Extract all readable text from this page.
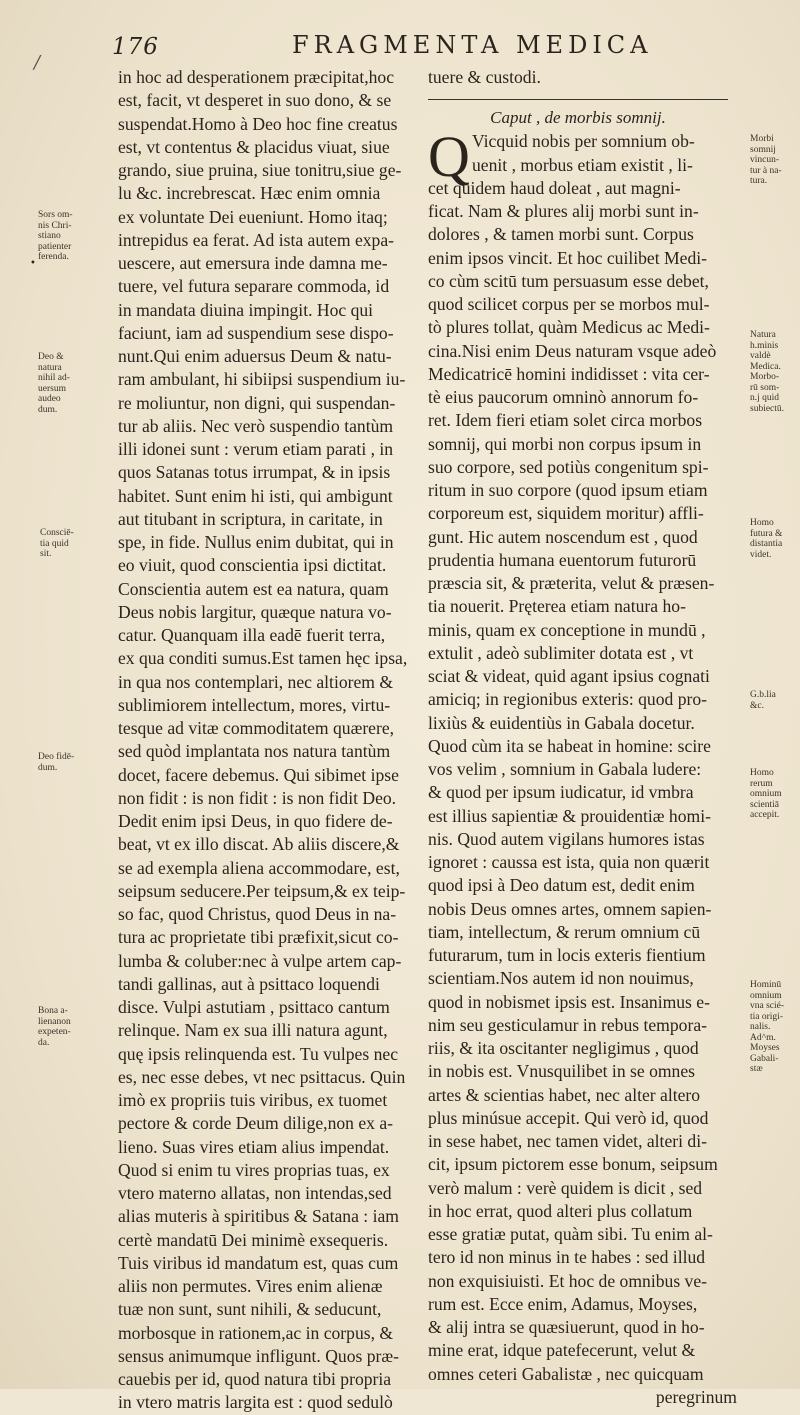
/
•
176	FRAGMENTA MEDICA
in hoc ad desperationem præcipitat,hoc
est, facit, vt desperet in suo dono, & se
suspendat.Homo à Deo hoc fine creatus
est, vt contentus & placidus viuat, siue
grando, siue pruina, siue tonitru,siue ge-
lu &c. increbrescat. Hæc enim omnia
ex voluntate Dei eueniunt. Homo itaq;
intrepidus ea ferat. Ad ista autem expa-
uescere, aut emersura inde damna me-
tuere, vel futura separare commoda, id
in mandata diuina impingit. Hoc qui
faciunt, iam ad suspendium sese dispo-
nunt.Qui enim aduersus Deum & natu-
ram ambulant, hi sibiipsi suspendium iu-
re moliuntur, non digni, qui suspendan-
tur ab aliis. Nec verò suspendio tantùm
illi idonei sunt : verum etiam parati , in
quos Satanas totus irrumpat, & in ipsis
habitet. Sunt enim hi isti, qui ambigunt
aut titubant in scriptura, in caritate, in
spe, in fide. Nullus enim dubitat, qui in
eo viuit, quod conscientia ipsi dictitat.
Conscientia autem est ea natura, quam
Deus nobis largitur, quæque natura vo-
catur. Quanquam illa eadē fuerit terra,
ex qua conditi sumus.Est tamen hęc ipsa,
in qua nos contemplari, nec altiorem &
sublimiorem intellectum, mores, virtu-
tesque ad vitæ commoditatem quærere,
sed quòd implantata nos natura tantùm
docet, facere debemus. Qui sibimet ipse
non fidit : is non fidit : is non fidit Deo.
Dedit enim ipsi Deus, in quo fidere de-
beat, vt ex illo discat. Ab aliis discere,&
se ad exempla aliena accommodare, est,
seipsum seducere.Per teipsum,& ex teip-
so fac, quod Christus, quod Deus in na-
tura ac proprietate tibi præfixit,sicut co-
lumba & coluber:nec à vulpe artem cap-
tandi gallinas, aut à psittaco loquendi
disce. Vulpi astutiam , psittaco cantum
relinque. Nam ex sua illi natura agunt,
quę ipsis relinquenda est. Tu vulpes nec
es, nec esse debes, vt nec psittacus. Quin
imò ex propriis tuis viribus, ex tuomet
pectore & corde Deum dilige,non ex a-
lieno. Suas vires etiam alius impendat.
Quod si enim tu vires proprias tuas, ex
vtero materno allatas, non intendas,sed
alias muteris à spiritibus & Satana : iam
certè mandatū Dei minimè exsequeris.
Tuis viribus id mandatum est, quas cum
aliis non permutes. Vires enim alienæ
tuæ non sunt, sunt nihili, & seducunt,
morbosque in rationem,ac in corpus, &
sensus animumque infligunt. Quos præ-
cauebis per id, quod natura tibi propria
in vtero matris largita est : quod sedulò
tuere & custodi.
Caput , de morbis somnij.
Q Vicquid nobis per somnium ob-
uenit , morbus etiam existit , li-
cet quidem haud doleat , aut magni-
ficat. Nam & plures alij morbi sunt in-
dolores , & tamen morbi sunt. Corpus
enim ipsos vincit. Et hoc cuilibet Medi-
co cùm scitū tum persuasum esse debet,
quod scilicet corpus per se morbos mul-
tò plures tollat, quàm Medicus ac Medi-
cina.Nisi enim Deus naturam vsque adeò
Medicatricē homini indidisset : vita cer-
tè eius paucorum omninò annorum fo-
ret. Idem fieri etiam solet circa morbos
somnij, qui morbi non corpus ipsum in
suo corpore, sed potiùs congenitum spi-
ritum in suo corpore (quod ipsum etiam
corporeum est, siquidem moritur) affli-
gunt. Hic autem noscendum est , quod
prudentia humana euentorum futurorū
præscia sit, & præterita, velut & præsen-
tia nouerit. Pręterea etiam natura ho-
minis, quam ex conceptione in mundū ,
extulit , adeò sublimiter dotata est , vt
sciat & videat, quid agant ipsius cognati
amiciq; in regionibus exteris: quod pro-
lixiùs & euidentiùs in Gabala docetur.
Quod cùm ita se habeat in homine: scire
vos velim , somnium in Gabala ludere:
& quod per ipsum iudicatur, id vmbra
est illius sapientiæ & prouidentiæ homi-
nis. Quod autem vigilans humores istas
ignoret : caussa est ista, quia non quærit
quod ipsi à Deo datum est, dedit enim
nobis Deus omnes artes, omnem sapien-
tiam, intellectum, & rerum omnium cū
futurarum, tum in locis exteris fientium
scientiam.Nos autem id non nouimus,
quod in nobismet ipsis est. Insanimus e-
nim seu gesticulamur in rebus tempora-
riis, & ita oscitanter negligimus , quod
in nobis est. Vnusquilibet in se omnes
artes & scientias habet, nec alter altero
plus minúsue accepit. Qui verò id, quod
in sese habet, nec tamen videt, alteri di-
cit, ipsum pictorem esse bonum, seipsum
verò malum : verè quidem is dicit , sed
in hoc errat, quod alteri plus collatum
esse gratiæ putat, quàm sibi. Tu enim al-
tero id non minus in te habes : sed illud
non exquisiuisti. Et hoc de omnibus ve-
rum est. Ecce enim, Adamus, Moyses,
& alij intra se quæsiuerunt, quod in ho-
mine erat, idque patefecerunt, velut &
omnes ceteri Gabalistæ , nec quicquam
peregrinum
Sors om-
nis Chri-
stiano
patienter
ferenda.
Deo &
natura
nihil ad-
uersum
audeo
dum.
Consciē-
tia quid
sit.
Deo fidē-
dum.
Bona a-
lienanon
expeten-
da.
Morbi
somnij
vincun-
tur à na-
tura.
Natura
h.minis
valdè
Medica.
Morbo-
rū som-
n.j quid
subiectū.
Homo
futura &
distantia
videt.
G.b.lia
&c.
Homo
rerum
omnium
scientiā
accepit.
Hominū
omnium
vna scié-
tia origi-
nalis.
Ad^m.
Moyses
Gabali-
stæ
